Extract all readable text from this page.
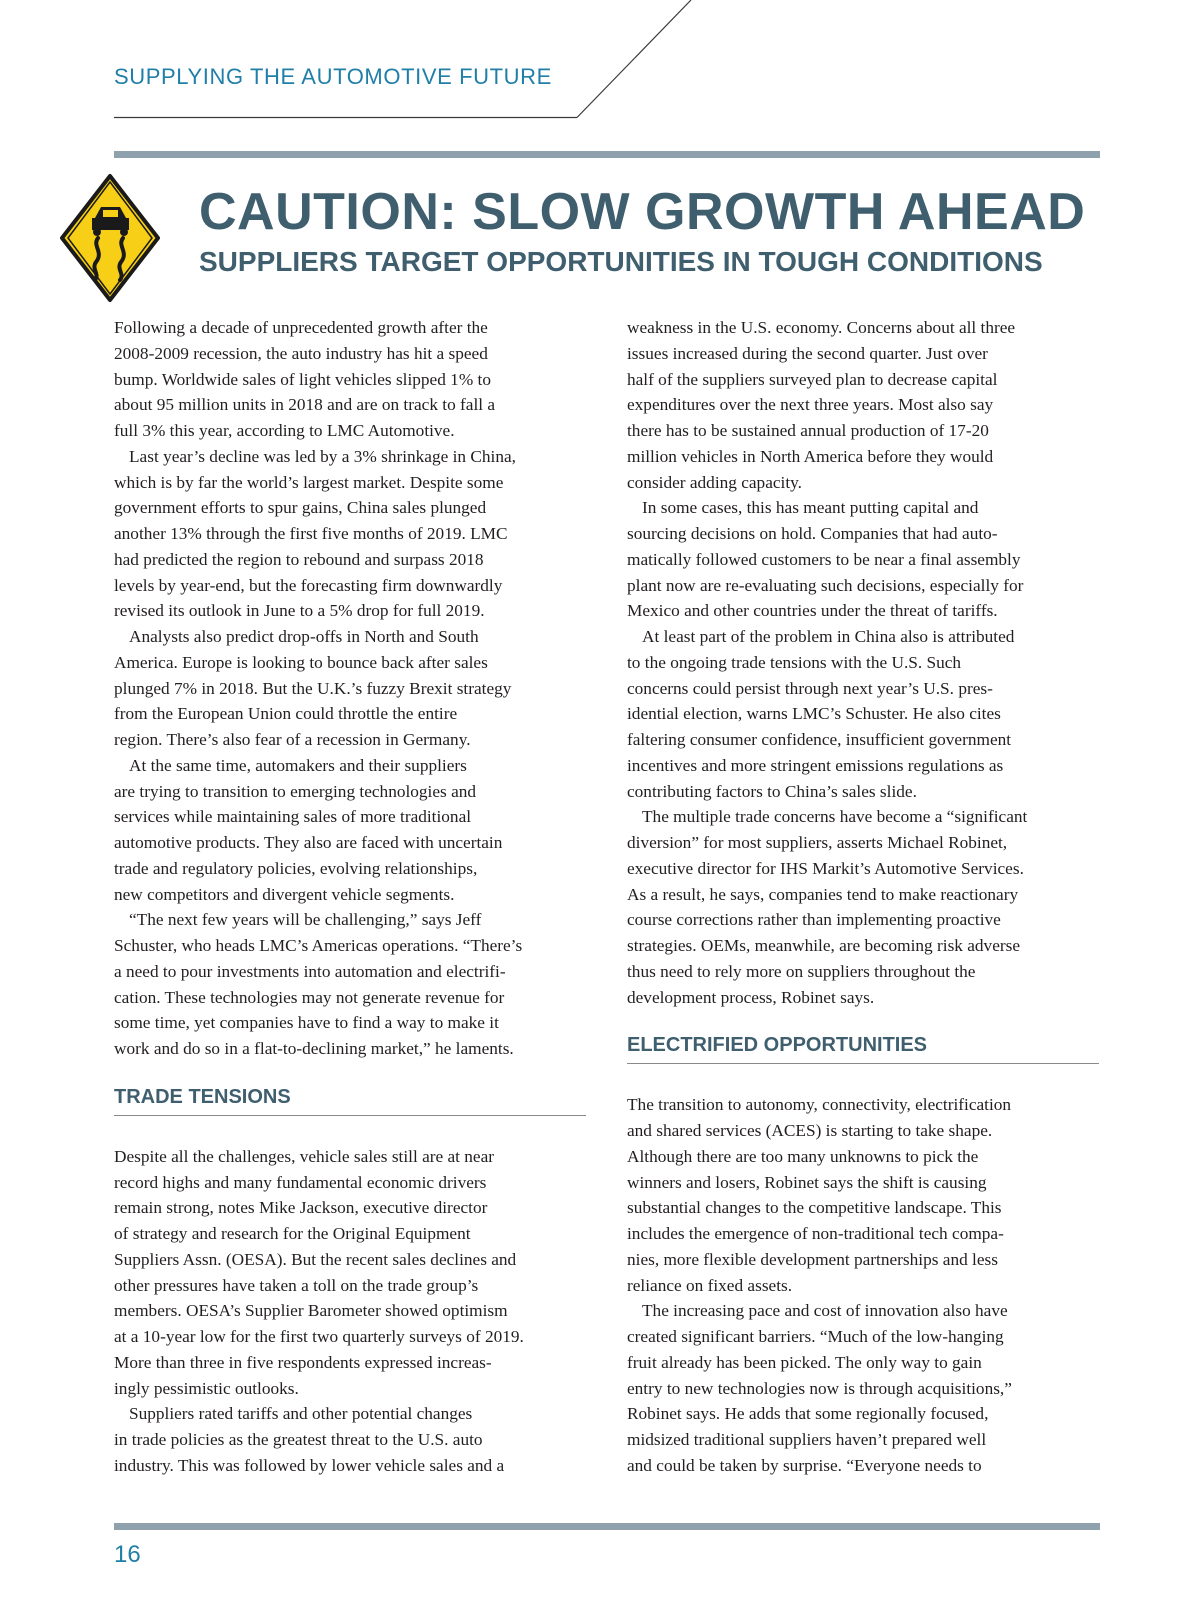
SUPPLYING THE AUTOMOTIVE FUTURE
CAUTION: SLOW GROWTH AHEAD
SUPPLIERS TARGET OPPORTUNITIES IN TOUGH CONDITIONS

Following a decade of unprecedented growth after the
2008-2009 recession, the auto industry has hit a speed
bump. Worldwide sales of light vehicles slipped 1% to
about 95 million units in 2018 and are on track to fall a
full 3% this year, according to LMC Automotive.

Last year’s decline was led by a 3% shrinkage in China,
which is by far the world’s largest market. Despite some
government efforts to spur gains, China sales plunged
another 13% through the first five months of 2019. LMC
had predicted the region to rebound and surpass 2018
levels by year-end, but the forecasting firm downwardly
revised its outlook in June to a 5% drop for full 2019.

Analysts also predict drop-offs in North and South
America. Europe is looking to bounce back after sales
plunged 7% in 2018. But the U.K.’s fuzzy Brexit strategy
from the European Union could throttle the entire
region. There’s also fear of a recession in Germany.

At the same time, automakers and their suppliers
are trying to transition to emerging technologies and
services while maintaining sales of more traditional
automotive products. They also are faced with uncertain
trade and regulatory policies, evolving relationships,
new competitors and divergent vehicle segments.

“The next few years will be challenging,” says Jeff
Schuster, who heads LMC’s Americas operations. “There’s
a need to pour investments into automation and electrifi-
cation. These technologies may not generate revenue for
some time, yet companies have to find a way to make it
work and do so in a flat-to-declining market,” he laments.

TRADE TENSIONS

Despite all the challenges, vehicle sales still are at near
record highs and many fundamental economic drivers
remain strong, notes Mike Jackson, executive director
of strategy and research for the Original Equipment
Suppliers Assn. (OESA). But the recent sales declines and
other pressures have taken a toll on the trade group’s
members. OESA’s Supplier Barometer showed optimism
at a 10-year low for the first two quarterly surveys of 2019.
More than three in five respondents expressed increas-
ingly pessimistic outlooks.

Suppliers rated tariffs and other potential changes
in trade policies as the greatest threat to the U.S. auto
industry. This was followed by lower vehicle sales and a

weakness in the U.S. economy. Concerns about all three
issues increased during the second quarter. Just over
half of the suppliers surveyed plan to decrease capital
expenditures over the next three years. Most also say
there has to be sustained annual production of 17-20
million vehicles in North America before they would
consider adding capacity.

In some cases, this has meant putting capital and
sourcing decisions on hold. Companies that had auto-
matically followed customers to be near a final assembly
plant now are re-evaluating such decisions, especially for
Mexico and other countries under the threat of tariffs.

At least part of the problem in China also is attributed
to the ongoing trade tensions with the U.S. Such
concerns could persist through next year’s U.S. pres-
idential election, warns LMC’s Schuster. He also cites
faltering consumer confidence, insufficient government
incentives and more stringent emissions regulations as
contributing factors to China’s sales slide.

The multiple trade concerns have become a “significant
diversion” for most suppliers, asserts Michael Robinet,
executive director for IHS Markit’s Automotive Services.
As a result, he says, companies tend to make reactionary
course corrections rather than implementing proactive
strategies. OEMs, meanwhile, are becoming risk adverse
thus need to rely more on suppliers throughout the
development process, Robinet says.

ELECTRIFIED OPPORTUNITIES

The transition to autonomy, connectivity, electrification
and shared services (ACES) is starting to take shape.
Although there are too many unknowns to pick the
winners and losers, Robinet says the shift is causing
substantial changes to the competitive landscape. This
includes the emergence of non-traditional tech compa-
nies, more flexible development partnerships and less
reliance on fixed assets.

The increasing pace and cost of innovation also have
created significant barriers. “Much of the low-hanging
fruit already has been picked. The only way to gain
entry to new technologies now is through acquisitions,”
Robinet says. He adds that some regionally focused,
midsized traditional suppliers haven’t prepared well
and could be taken by surprise. “Everyone needs to

16
